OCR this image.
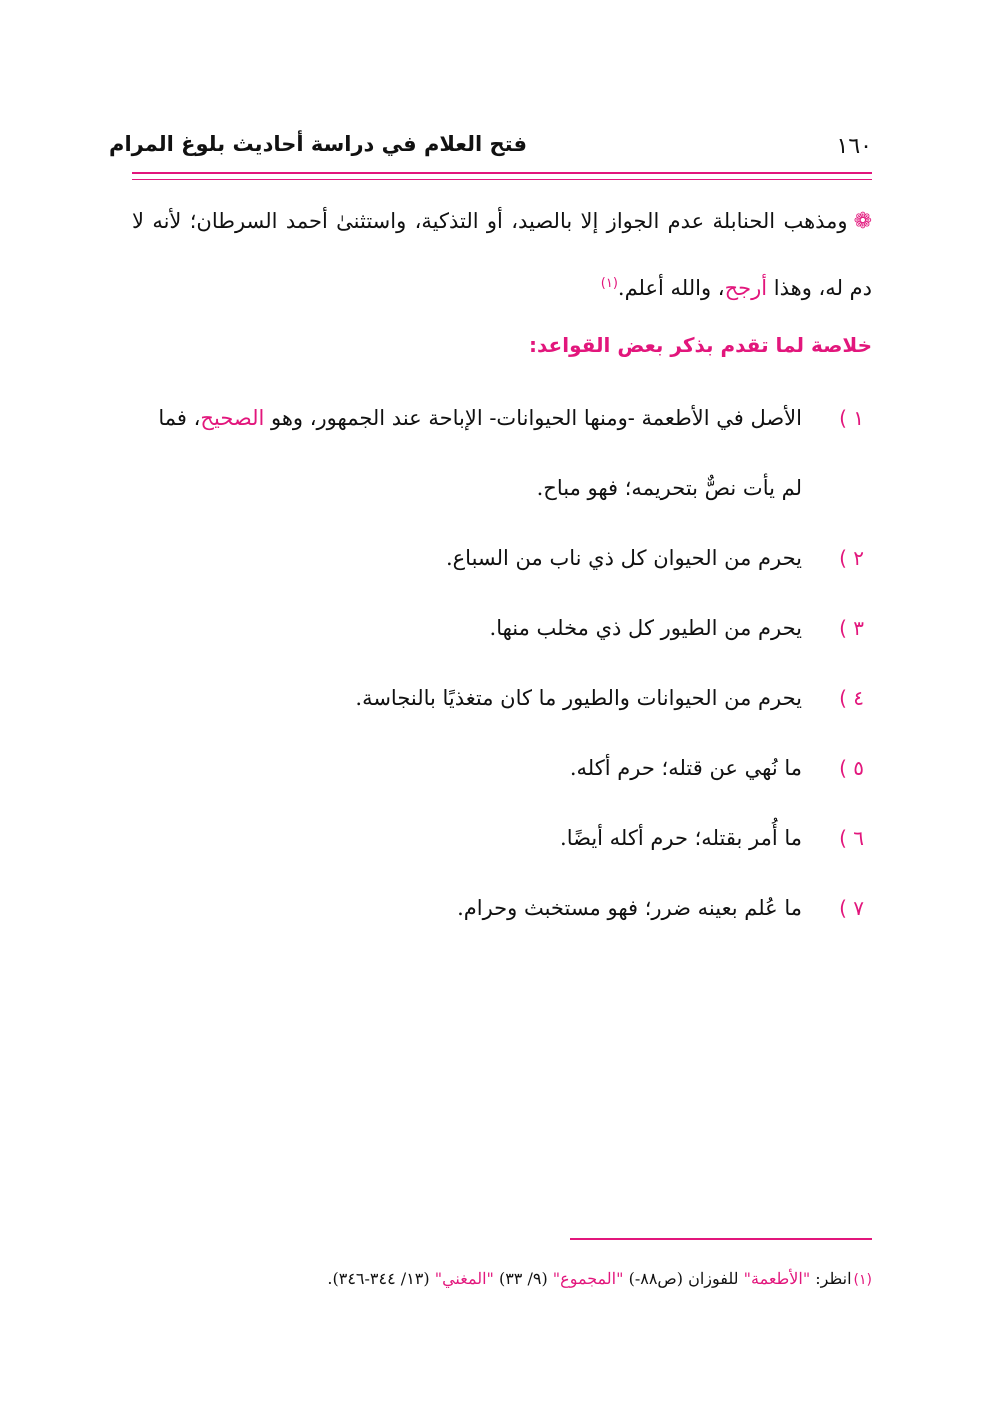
فتح العلام في دراسة أحاديث بلوغ المرام	١٦٠

❁ومذهب الحنابلة عدم الجواز إلا بالصيد، أو التذكية، واستثنىٰ أحمد السرطان؛ لأنه لا دم له، وهذا أرجح، والله أعلم.$^{(١)}$

خلاصة لما تقدم بذكر بعض القواعد:
١ )
الأصل في الأطعمة -ومنها الحيوانات- الإباحة عند الجمهور، وهو الصحيح، فما لم يأت نصٌّ بتحريمه؛ فهو مباح.
٢ )
يحرم من الحيوان كل ذي ناب من السباع.
٣ )
يحرم من الطيور كل ذي مخلب منها.
٤ )
يحرم من الحيوانات والطيور ما كان متغذيًا بالنجاسة.
٥ )
ما نُهي عن قتله؛ حرم أكله.
٦ )
ما أُمر بقتله؛ حرم أكله أيضًا.
٧ )
ما عُلم بعينه ضرر؛ فهو مستخبث وحرام.
(١)انظر: "الأطعمة" للفوزان (ص٨٨-) "المجموع" (٩/ ٣٣) "المغني" (١٣/ ٣٤٤-٣٤٦).
